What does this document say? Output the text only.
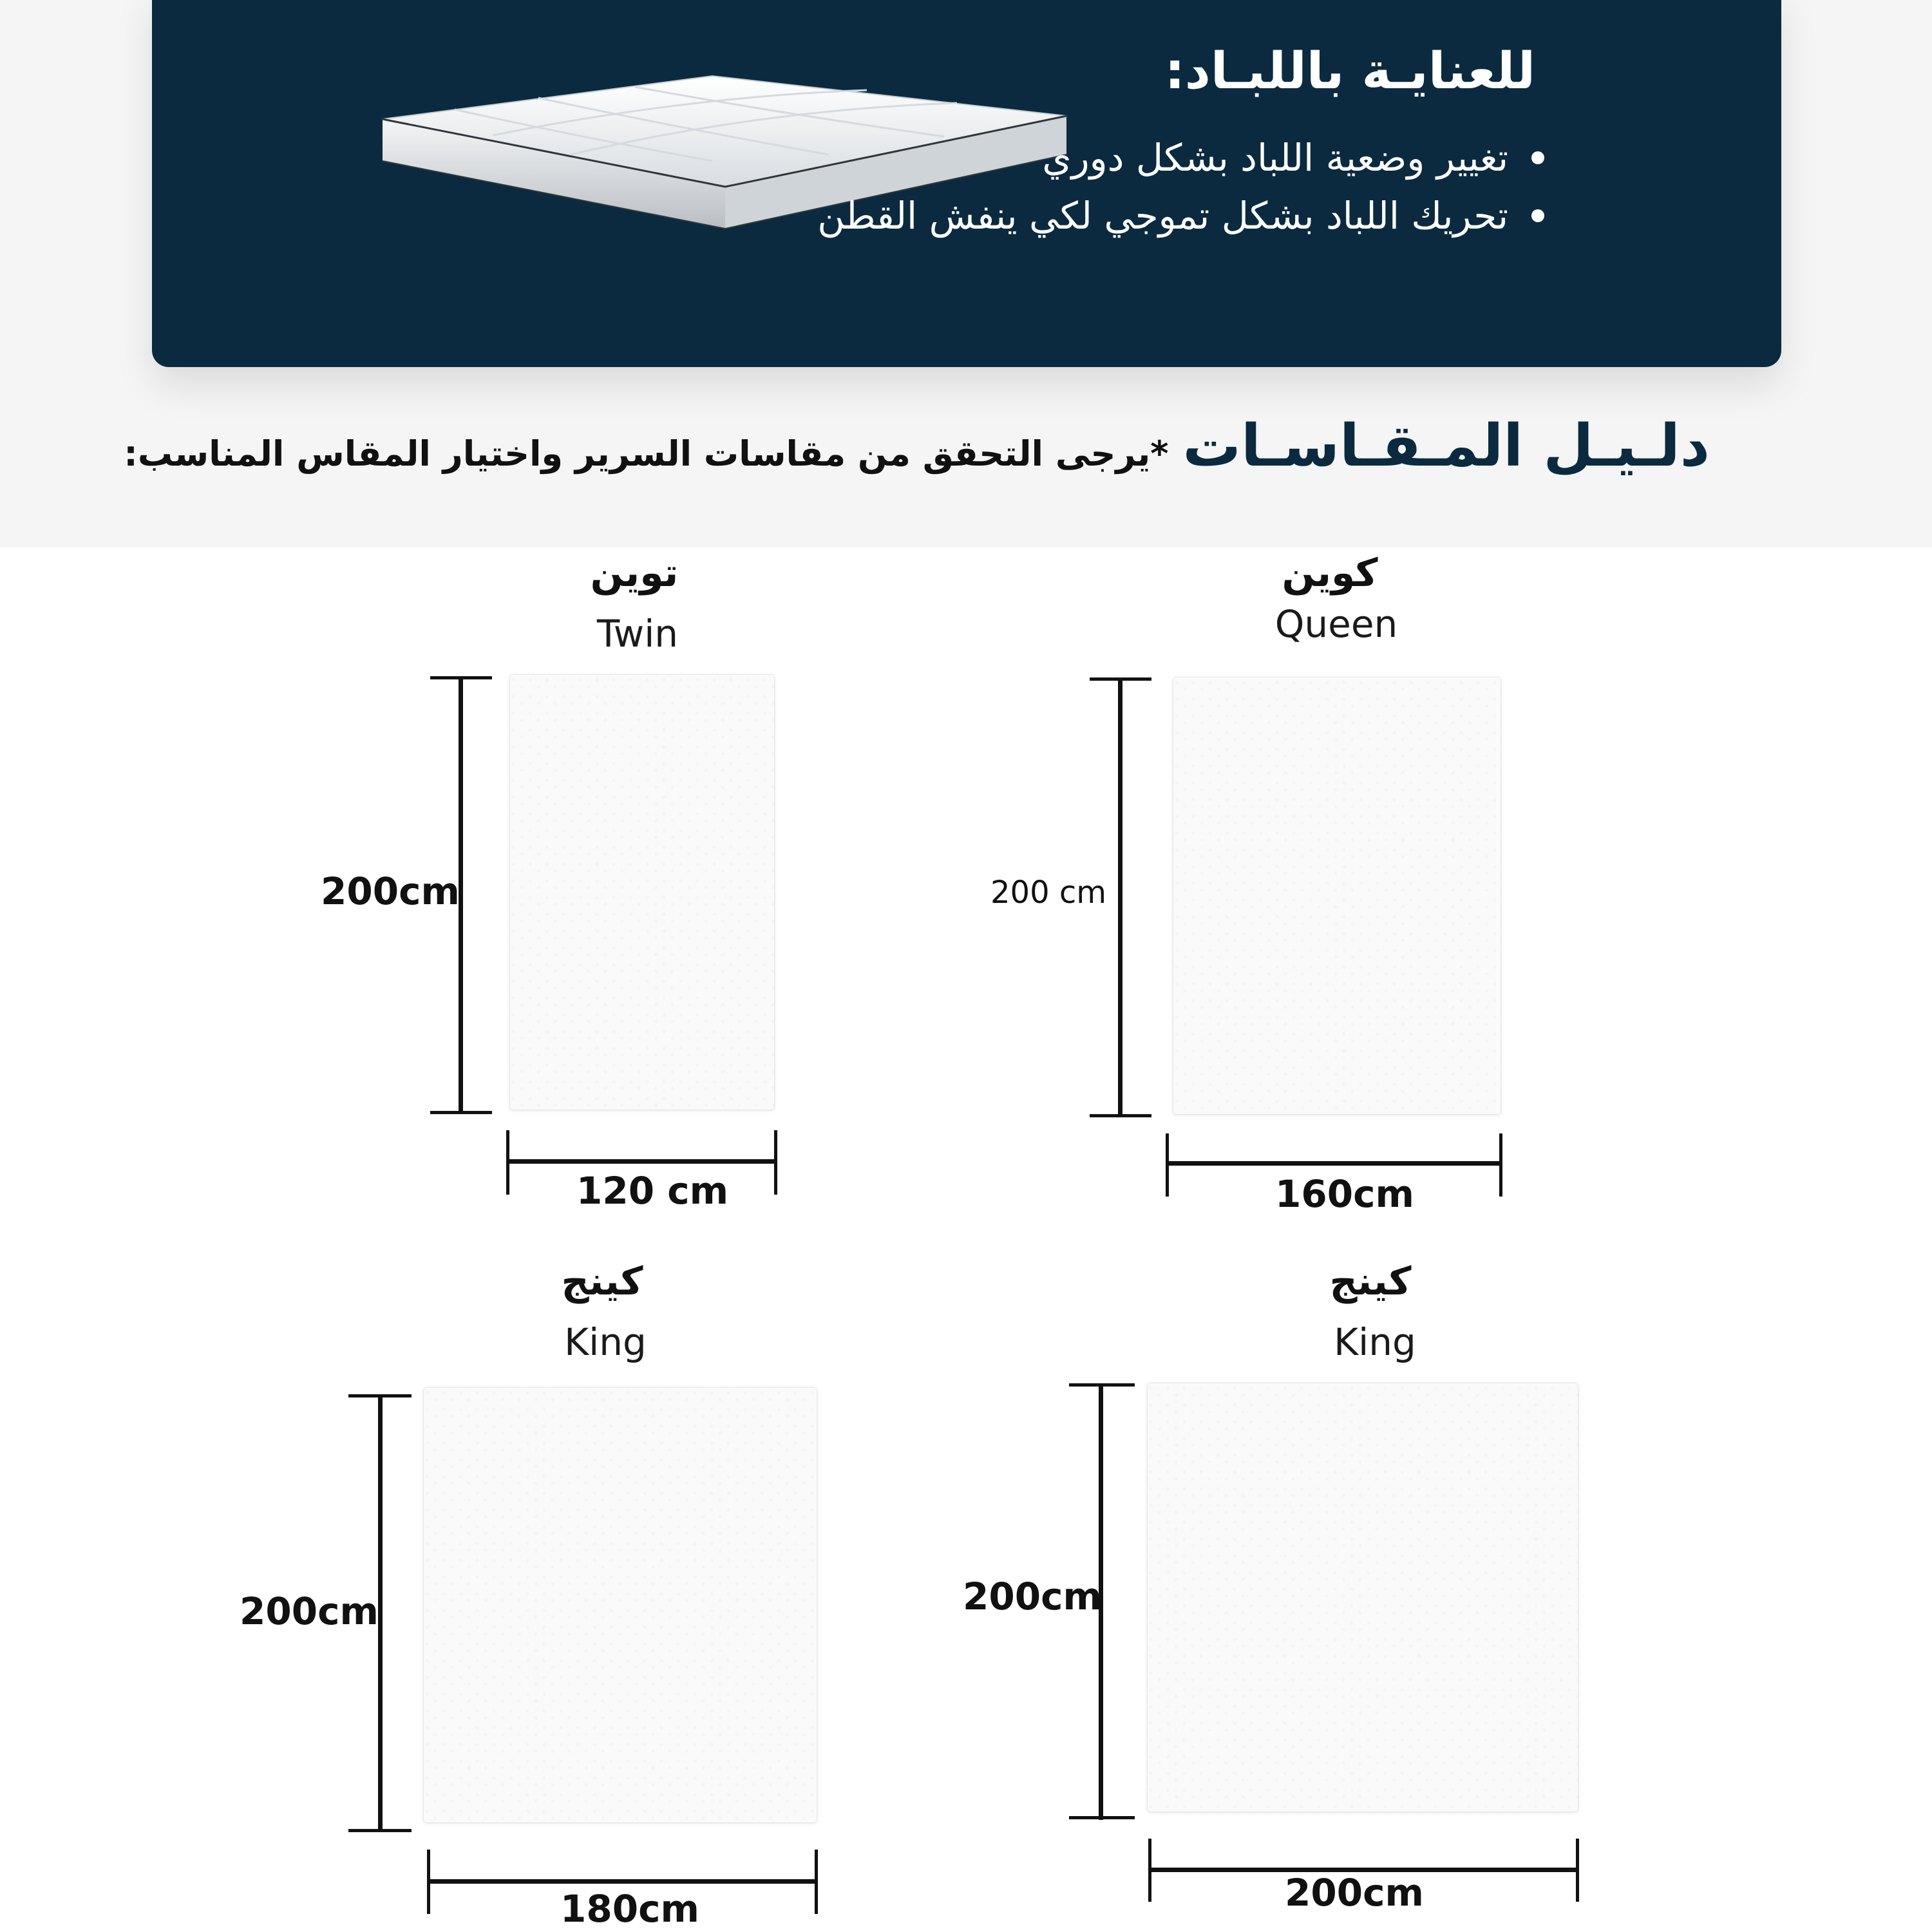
للعنايـة باللبـاد:
تغيير وضعية اللباد بشكل دوري
تحريك اللباد بشكل تموجي لكي ينفش القطن
دلـيـل المـقـاسـات
*يرجى التحقق من مقاسات السرير واختيار المقاس المناسب:

توين

Twin

200cm

120 cm

كوين

Queen

200 cm

160cm

كينج

King

200cm

180cm

كينج

King

200cm

200cm
